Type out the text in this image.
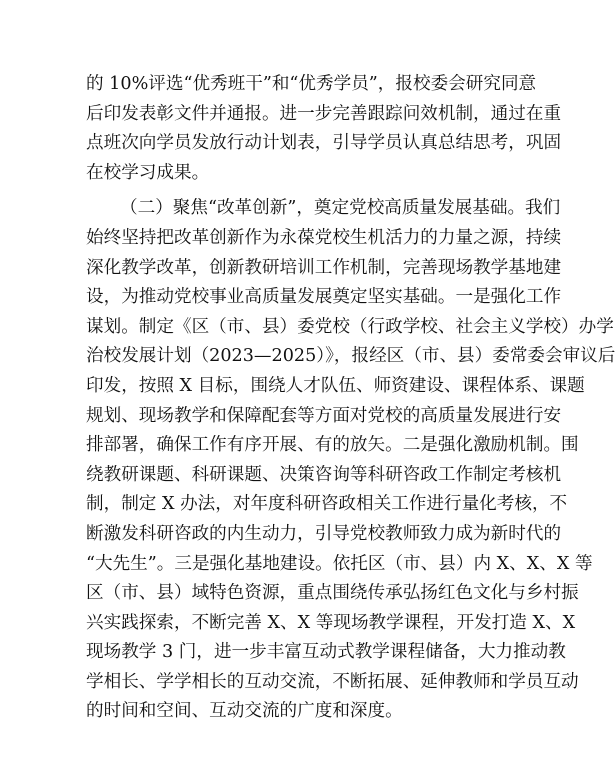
的 10%评选“优秀班干”和“优秀学员”，报校委会研究同意
后印发表彰文件并通报。进一步完善跟踪问效机制，通过在重
点班次向学员发放行动计划表，引导学员认真总结思考，巩固
在校学习成果。
（二）聚焦“改革创新”，奠定党校高质量发展基础。我们
始终坚持把改革创新作为永葆党校生机活力的力量之源，持续
深化教学改革，创新教研培训工作机制，完善现场教学基地建
设，为推动党校事业高质量发展奠定坚实基础。一是强化工作
谋划。制定《区（市、县）委党校（行政学校、社会主义学校）办学
治校发展计划（2023—2025）》，报经区（市、县）委常委会审议后
印发，按照 X 目标，围绕人才队伍、师资建设、课程体系、课题
规划、现场教学和保障配套等方面对党校的高质量发展进行安
排部署，确保工作有序开展、有的放矢。二是强化激励机制。围
绕教研课题、科研课题、决策咨询等科研咨政工作制定考核机
制，制定 X 办法，对年度科研咨政相关工作进行量化考核，不
断激发科研咨政的内生动力，引导党校教师致力成为新时代的
“大先生”。三是强化基地建设。依托区（市、县）内 X、X、X 等
区（市、县）域特色资源，重点围绕传承弘扬红色文化与乡村振
兴实践探索，不断完善 X、X 等现场教学课程，开发打造 X、X
现场教学 3 门，进一步丰富互动式教学课程储备，大力推动教
学相长、学学相长的互动交流，不断拓展、延伸教师和学员互动
的时间和空间、互动交流的广度和深度。
